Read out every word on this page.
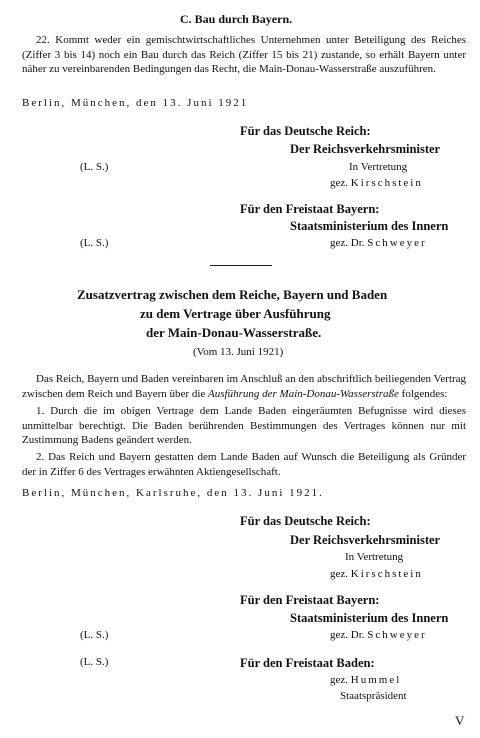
C. Bau durch Bayern.
22. Kommt weder ein gemischtwirtschaftliches Unternehmen unter Beteiligung des Reiches (Ziffer 3 bis 14) noch ein Bau durch das Reich (Ziffer 15 bis 21) zustande, so erhält Bayern unter näher zu vereinbarenden Bedingungen das Recht, die Main-Donau-Wasserstraße auszuführen.
Berlin, München, den 13. Juni 1921
Für das Deutsche Reich:
Der Reichsverkehrsminister
(L. S.)	In Vertretung
gez. Kirschstein
Für den Freistaat Bayern:
Staatsministerium des Innern
(L. S.)	gez. Dr. Schweyer
Zusatzvertrag zwischen dem Reiche, Bayern und Baden
zu dem Vertrage über Ausführung
der Main-Donau-Wasserstraße.
(Vom 13. Juni 1921)
Das Reich, Bayern und Baden vereinbaren im Anschluß an den abschriftlich beiliegenden Vertrag zwischen dem Reich und Bayern über die Ausführung der Main-Donau-Wasserstraße folgendes:
1. Durch die im obigen Vertrage dem Lande Baden eingeräumten Befugnisse wird dieses unmittelbar berechtigt. Die Baden berührenden Bestimmungen des Vertrages können nur mit Zustimmung Badens geändert werden.
2. Das Reich und Bayern gestatten dem Lande Baden auf Wunsch die Beteiligung als Gründer der in Ziffer 6 des Vertrages erwähnten Aktiengesellschaft.
Berlin, München, Karlsruhe, den 13. Juni 1921.
Für das Deutsche Reich:
Der Reichsverkehrsminister
In Vertretung
gez. Kirschstein
Für den Freistaat Bayern:
Staatsministerium des Innern
(L. S.)	gez. Dr. Schweyer
(L. S.)	Für den Freistaat Baden:
gez. Hummel
Staatspräsident
V
